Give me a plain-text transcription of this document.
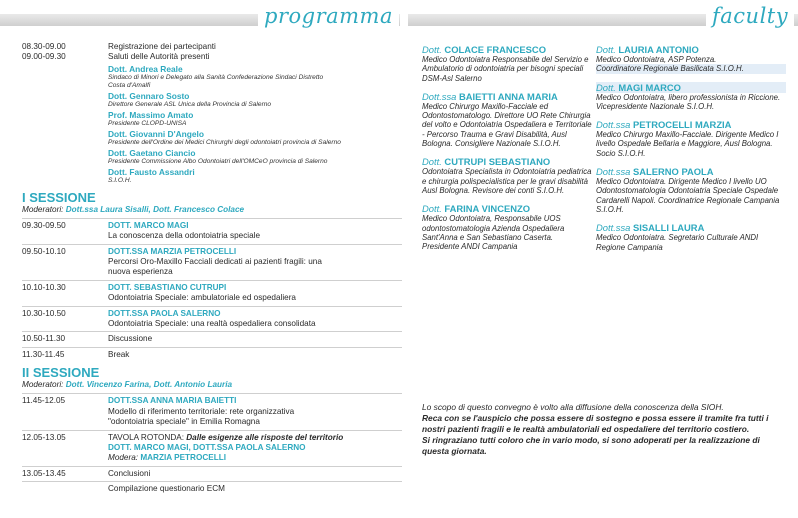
programma	faculty
08.30-09.00	Registrazione dei partecipanti
09.00-09.30	Saluti delle Autorità presenti
Dott. Andrea Reale
Sindaco di Minori e Delegato alla Sanità Confederazione Sindaci Distretto Costa d'Amalfi
Dott. Gennaro Sosto
Direttore Generale ASL Unica della Provincia di Salerno
Prof. Massimo Amato
Presidente CLOPD-UNISA
Dott. Giovanni D'Angelo
Presidente dell'Ordine dei Medici Chirurghi degli odontoiatri provincia di Salerno
Dott. Gaetano Ciancio
Presidente Commissione Albo Odontoiatri dell'OMCeO provincia di Salerno
Dott. Fausto Assandri
S.I.O.H.
I SESSIONE
Moderatori: Dott.ssa Laura Sisalli, Dott. Francesco Colace
09.30-09.50	DOTT. MARCO MAGI
La conoscenza della odontoiatria speciale
09.50-10.10	DOTT.SSA MARZIA PETROCELLI
Percorsi Oro-Maxillo Facciali dedicati ai pazienti fragili: una nuova esperienza
10.10-10.30	DOTT. SEBASTIANO CUTRUPI
Odontoiatria Speciale: ambulatoriale ed ospedaliera
10.30-10.50	DOTT.SSA PAOLA SALERNO
Odontoiatria Speciale: una realtà ospedaliera consolidata
10.50-11.30	Discussione
11.30-11.45	Break
II SESSIONE
Moderatori: Dott. Vincenzo Farina, Dott. Antonio Lauria
11.45-12.05	DOTT.SSA ANNA MARIA BAIETTI
Modello di riferimento territoriale: rete organizzativa "odontoiatria speciale" in Emilia Romagna
12.05-13.05	TAVOLA ROTONDA: Dalle esigenze alle risposte del territorio
DOTT. MARCO MAGI, DOTT.SSA PAOLA SALERNO
Modera: MARZIA PETROCELLI
13.05-13.45	Conclusioni
Compilazione questionario ECM
Dott. COLACE FRANCESCO
Medico Odontoiatra Responsabile del Servizio e Ambulatorio di odontoiatria per bisogni speciali DSM-Asl Salerno
Dott.ssa BAIETTI ANNA MARIA
Medico Chirurgo Maxillo-Facciale ed Odontostomatologo. Direttore UO Rete Chirurgia del volto e Odontoiatria Ospedaliera e Territoriale - Percorso Trauma e Gravi Disabilità, Ausl Bologna. Consigliere Nazionale S.I.O.H.
Dott. CUTRUPI SEBASTIANO
Odontoiatra Specialista in Odontoiatria pediatrica e chirurgia polispecialistica per le gravi disabilità Ausl Bologna. Revisore dei conti S.I.O.H.
Dott. FARINA VINCENZO
Medico Odontoiatra, Responsabile UOS odontostomatologia Azienda Ospedaliera Sant'Anna e San Sebastiano Caserta. Presidente ANDI Campania
Dott. LAURIA ANTONIO
Medico Odontoiatra, ASP Potenza.
Coordinatore Regionale Basilicata S.I.O.H.
Dott. MAGI MARCO
Medico Odontoiatra, libero professionista in Riccione. Vicepresidente Nazionale S.I.O.H.
Dott.ssa PETROCELLI MARZIA
Medico Chirurgo Maxillo-Facciale. Dirigente Medico I livello Ospedale Bellaria e Maggiore, Ausl Bologna. Socio S.I.O.H.
Dott.ssa SALERNO PAOLA
Medico Odontoiatra. Dirigente Medico I livello UO Odontostomatologia Odontoiatria Speciale Ospedale Cardarelli Napoli. Coordinatrice Regionale Campania S.I.O.H.
Dott.ssa SISALLI LAURA
Medico Odontoiatra. Segretario Culturale ANDI Regione Campania

Lo scopo di questo convegno è volto alla diffusione della conoscenza della SIOH.

Reca con se l'auspicio che possa essere di sostegno e possa essere il tramite fra tutti i nostri pazienti fragili e le realtà ambulatoriali ed ospedaliere del territorio costiero.

Si ringraziano tutti coloro che in vario modo, si sono adoperati per la realizzazione di questa giornata.
